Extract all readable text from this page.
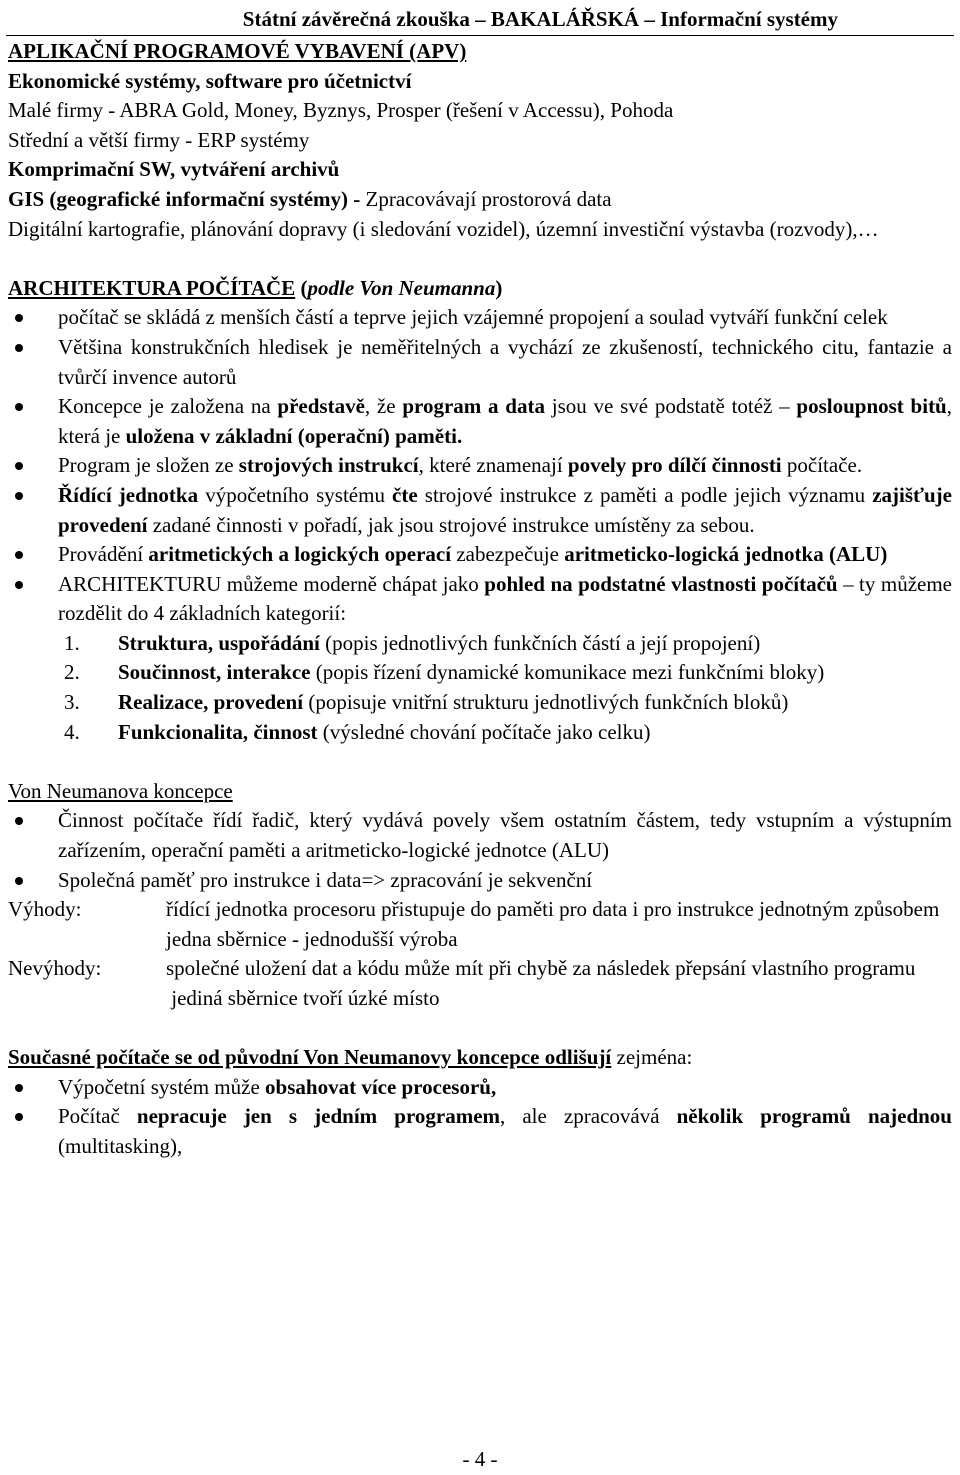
Státní závěrečná zkouška – BAKALÁŘSKÁ – Informační systémy

APLIKAČNÍ PROGRAMOVÉ VYBAVENÍ (APV)

Ekonomické systémy, software pro účetnictví

Malé firmy - ABRA Gold, Money, Byznys, Prosper (řešení v Accessu), Pohoda

Střední a větší firmy - ERP systémy

Komprimační SW, vytváření archivů

GIS (geografické informační systémy) - Zpracovávají prostorová data

Digitální kartografie, plánování dopravy (i sledování vozidel), územní investiční výstavba (rozvody),…

ARCHITEKTURA POČÍTAČE (podle Von Neumanna)

počítač se skládá z menších částí a teprve jejich vzájemné propojení a soulad vytváří funkční celek
Většina konstrukčních hledisek je neměřitelných a vychází ze zkušeností, technického citu, fantazie a tvůrčí invence autorů
Koncepce je založena na představě, že program a data jsou ve své podstatě totéž – posloupnost bitů, která je uložena v základní (operační) paměti.
Program je složen ze strojových instrukcí, které znamenají povely pro dílčí činnosti počítače.
Řídící jednotka výpočetního systému čte strojové instrukce z paměti a podle jejich významu zajišťuje provedení zadané činnosti v pořadí, jak jsou strojové instrukce umístěny za sebou.
Provádění aritmetických a logických operací zabezpečuje aritmeticko-logická jednotka (ALU)
ARCHITEKTURU můžeme moderně chápat jako pohled na podstatné vlastnosti počítačů – ty můžeme rozdělit do 4 základních kategorií:
1. Struktura, uspořádání (popis jednotlivých funkčních částí a její propojení)
2. Součinnost, interakce (popis řízení dynamické komunikace mezi funkčními bloky)
3. Realizace, provedení (popisuje vnitřní strukturu jednotlivých funkčních bloků)
4. Funkcionalita, činnost (výsledné chování počítače jako celku)

Von Neumanova koncepce

Činnost počítače řídí řadič, který vydává povely všem ostatním částem, tedy vstupním a výstupním zařízením, operační paměti a aritmeticko-logické jednotce (ALU)
Společná paměť pro instrukce i data=> zpracování je sekvenční
Výhody:	řídící jednotka procesoru přistupuje do paměti pro data i pro instrukce jednotným způsobem

jedna sběrnice - jednodušší výroba

Nevýhody:	společné uložení dat a kódu může mít při chybě za následek přepsání vlastního programu

jediná sběrnice tvoří úzké místo

Současné počítače se od původní Von Neumanovy koncepce odlišují zejména:

Výpočetní systém může obsahovat více procesorů,
Počítač nepracuje jen s jedním programem, ale zpracovává několik programů najednou (multitasking),
- 4 -
